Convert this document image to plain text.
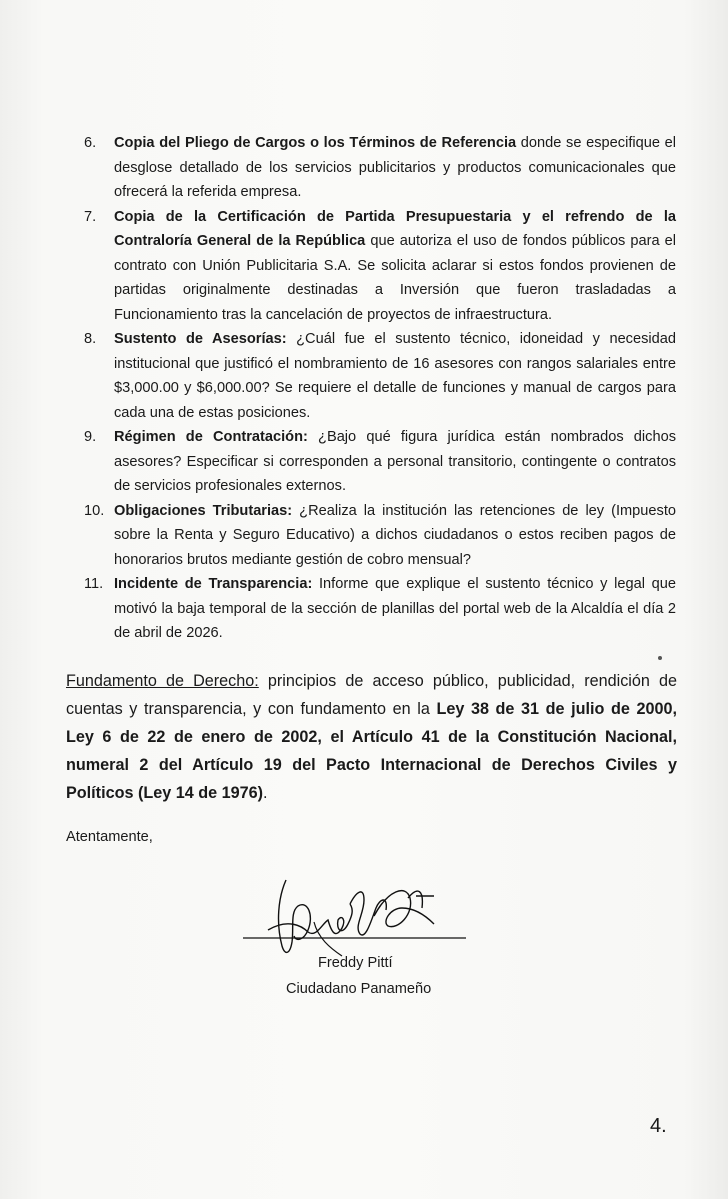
6.	Copia del Pliego de Cargos o los Términos de Referencia donde se especifique el desglose detallado de los servicios publicitarios y productos comunicacionales que ofrecerá la referida empresa.
7.	Copia de la Certificación de Partida Presupuestaria y el refrendo de la Contraloría General de la República que autoriza el uso de fondos públicos para el contrato con Unión Publicitaria S.A. Se solicita aclarar si estos fondos provienen de partidas originalmente destinadas a Inversión que fueron trasladadas a Funcionamiento tras la cancelación de proyectos de infraestructura.
8.	Sustento de Asesorías: ¿Cuál fue el sustento técnico, idoneidad y necesidad institucional que justificó el nombramiento de 16 asesores con rangos salariales entre $3,000.00 y $6,000.00? Se requiere el detalle de funciones y manual de cargos para cada una de estas posiciones.
9.	Régimen de Contratación: ¿Bajo qué figura jurídica están nombrados dichos asesores? Especificar si corresponden a personal transitorio, contingente o contratos de servicios profesionales externos.
10. Obligaciones Tributarias: ¿Realiza la institución las retenciones de ley (Impuesto sobre la Renta y Seguro Educativo) a dichos ciudadanos o estos reciben pagos de honorarios brutos mediante gestión de cobro mensual?
11. Incidente de Transparencia: Informe que explique el sustento técnico y legal que motivó la baja temporal de la sección de planillas del portal web de la Alcaldía el día 2 de abril de 2026.

Fundamento de Derecho: principios de acceso público, publicidad, rendición de cuentas y transparencia, y con fundamento en la Ley 38 de 31 de julio de 2000, Ley 6 de 22 de enero de 2002, el Artículo 41 de la Constitución Nacional, numeral 2 del Artículo 19 del Pacto Internacional de Derechos Civiles y Políticos (Ley 14 de 1976).

Atentamente,
Freddy Pittí
Ciudadano Panameño
4.
